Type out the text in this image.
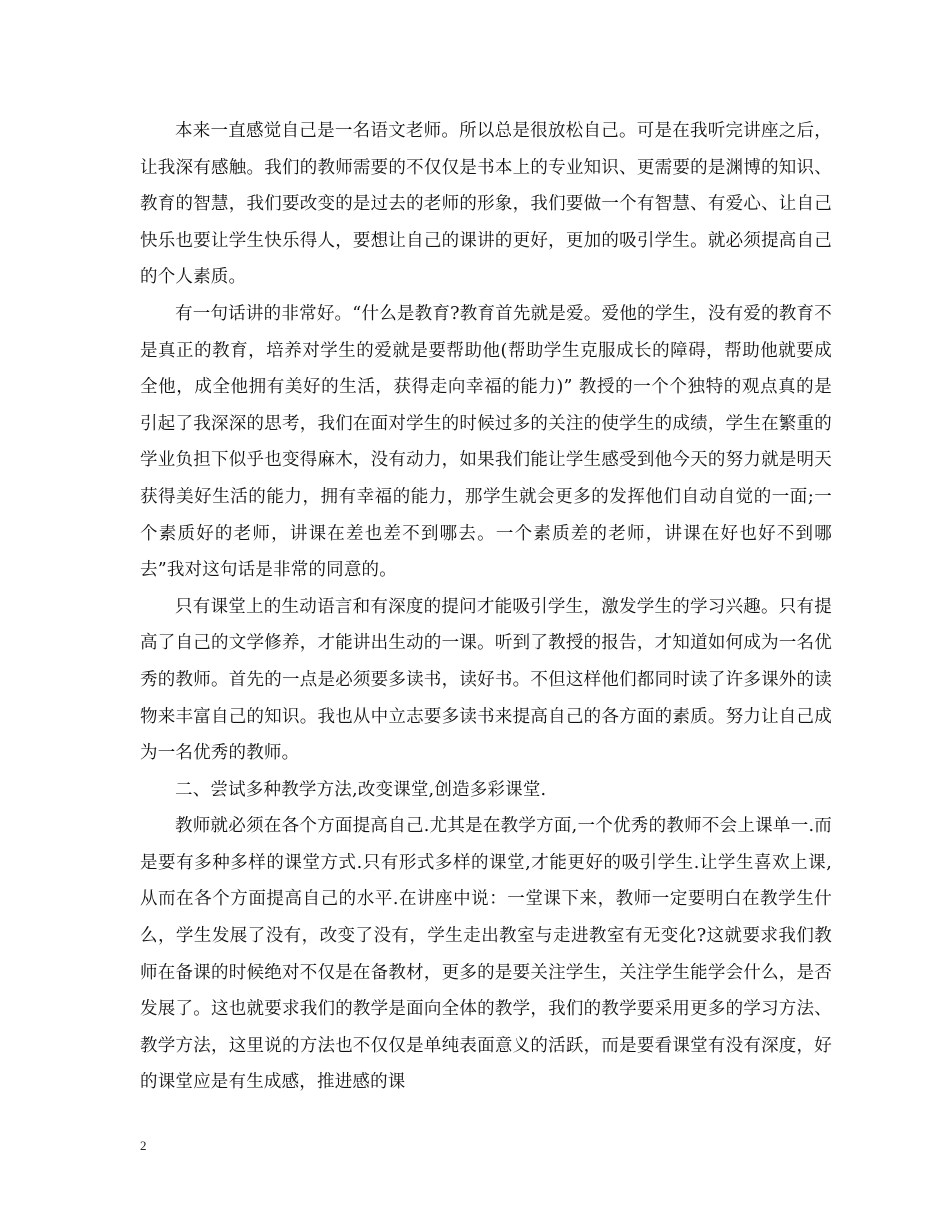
本来一直感觉自己是一名语文老师。所以总是很放松自己。可是在我听完讲座之后，让我深有感触。我们的教师需要的不仅仅是书本上的专业知识、更需要的是渊博的知识、教育的智慧，我们要改变的是过去的老师的形象，我们要做一个有智慧、有爱心、让自己快乐也要让学生快乐得人，要想让自己的课讲的更好，更加的吸引学生。就必须提高自己的个人素质。

有一句话讲的非常好。“什么是教育?教育首先就是爱。爱他的学生，没有爱的教育不是真正的教育，培养对学生的爱就是要帮助他(帮助学生克服成长的障碍，帮助他就要成全他，成全他拥有美好的生活，获得走向幸福的能力)” 教授的一个个独特的观点真的是引起了我深深的思考，我们在面对学生的时候过多的关注的使学生的成绩，学生在繁重的学业负担下似乎也变得麻木，没有动力，如果我们能让学生感受到他今天的努力就是明天获得美好生活的能力，拥有幸福的能力，那学生就会更多的发挥他们自动自觉的一面;一个素质好的老师，讲课在差也差不到哪去。一个素质差的老师，讲课在好也好不到哪去”我对这句话是非常的同意的。

只有课堂上的生动语言和有深度的提问才能吸引学生，激发学生的学习兴趣。只有提高了自己的文学修养，才能讲出生动的一课。听到了教授的报告，才知道如何成为一名优秀的教师。首先的一点是必须要多读书，读好书。不但这样他们都同时读了许多课外的读物来丰富自己的知识。我也从中立志要多读书来提高自己的各方面的素质。努力让自己成为一名优秀的教师。

二、尝试多种教学方法,改变课堂,创造多彩课堂.

教师就必须在各个方面提高自己.尤其是在教学方面,一个优秀的教师不会上课单一.而是要有多种多样的课堂方式.只有形式多样的课堂,才能更好的吸引学生.让学生喜欢上课,从而在各个方面提高自己的水平.在讲座中说：一堂课下来，教师一定要明白在教学生什么，学生发展了没有，改变了没有，学生走出教室与走进教室有无变化?这就要求我们教师在备课的时候绝对不仅是在备教材，更多的是要关注学生，关注学生能学会什么，是否发展了。这也就要求我们的教学是面向全体的教学，我们的教学要采用更多的学习方法、教学方法，这里说的方法也不仅仅是单纯表面意义的活跃，而是要看课堂有没有深度，好的课堂应是有生成感，推进感的课

2
